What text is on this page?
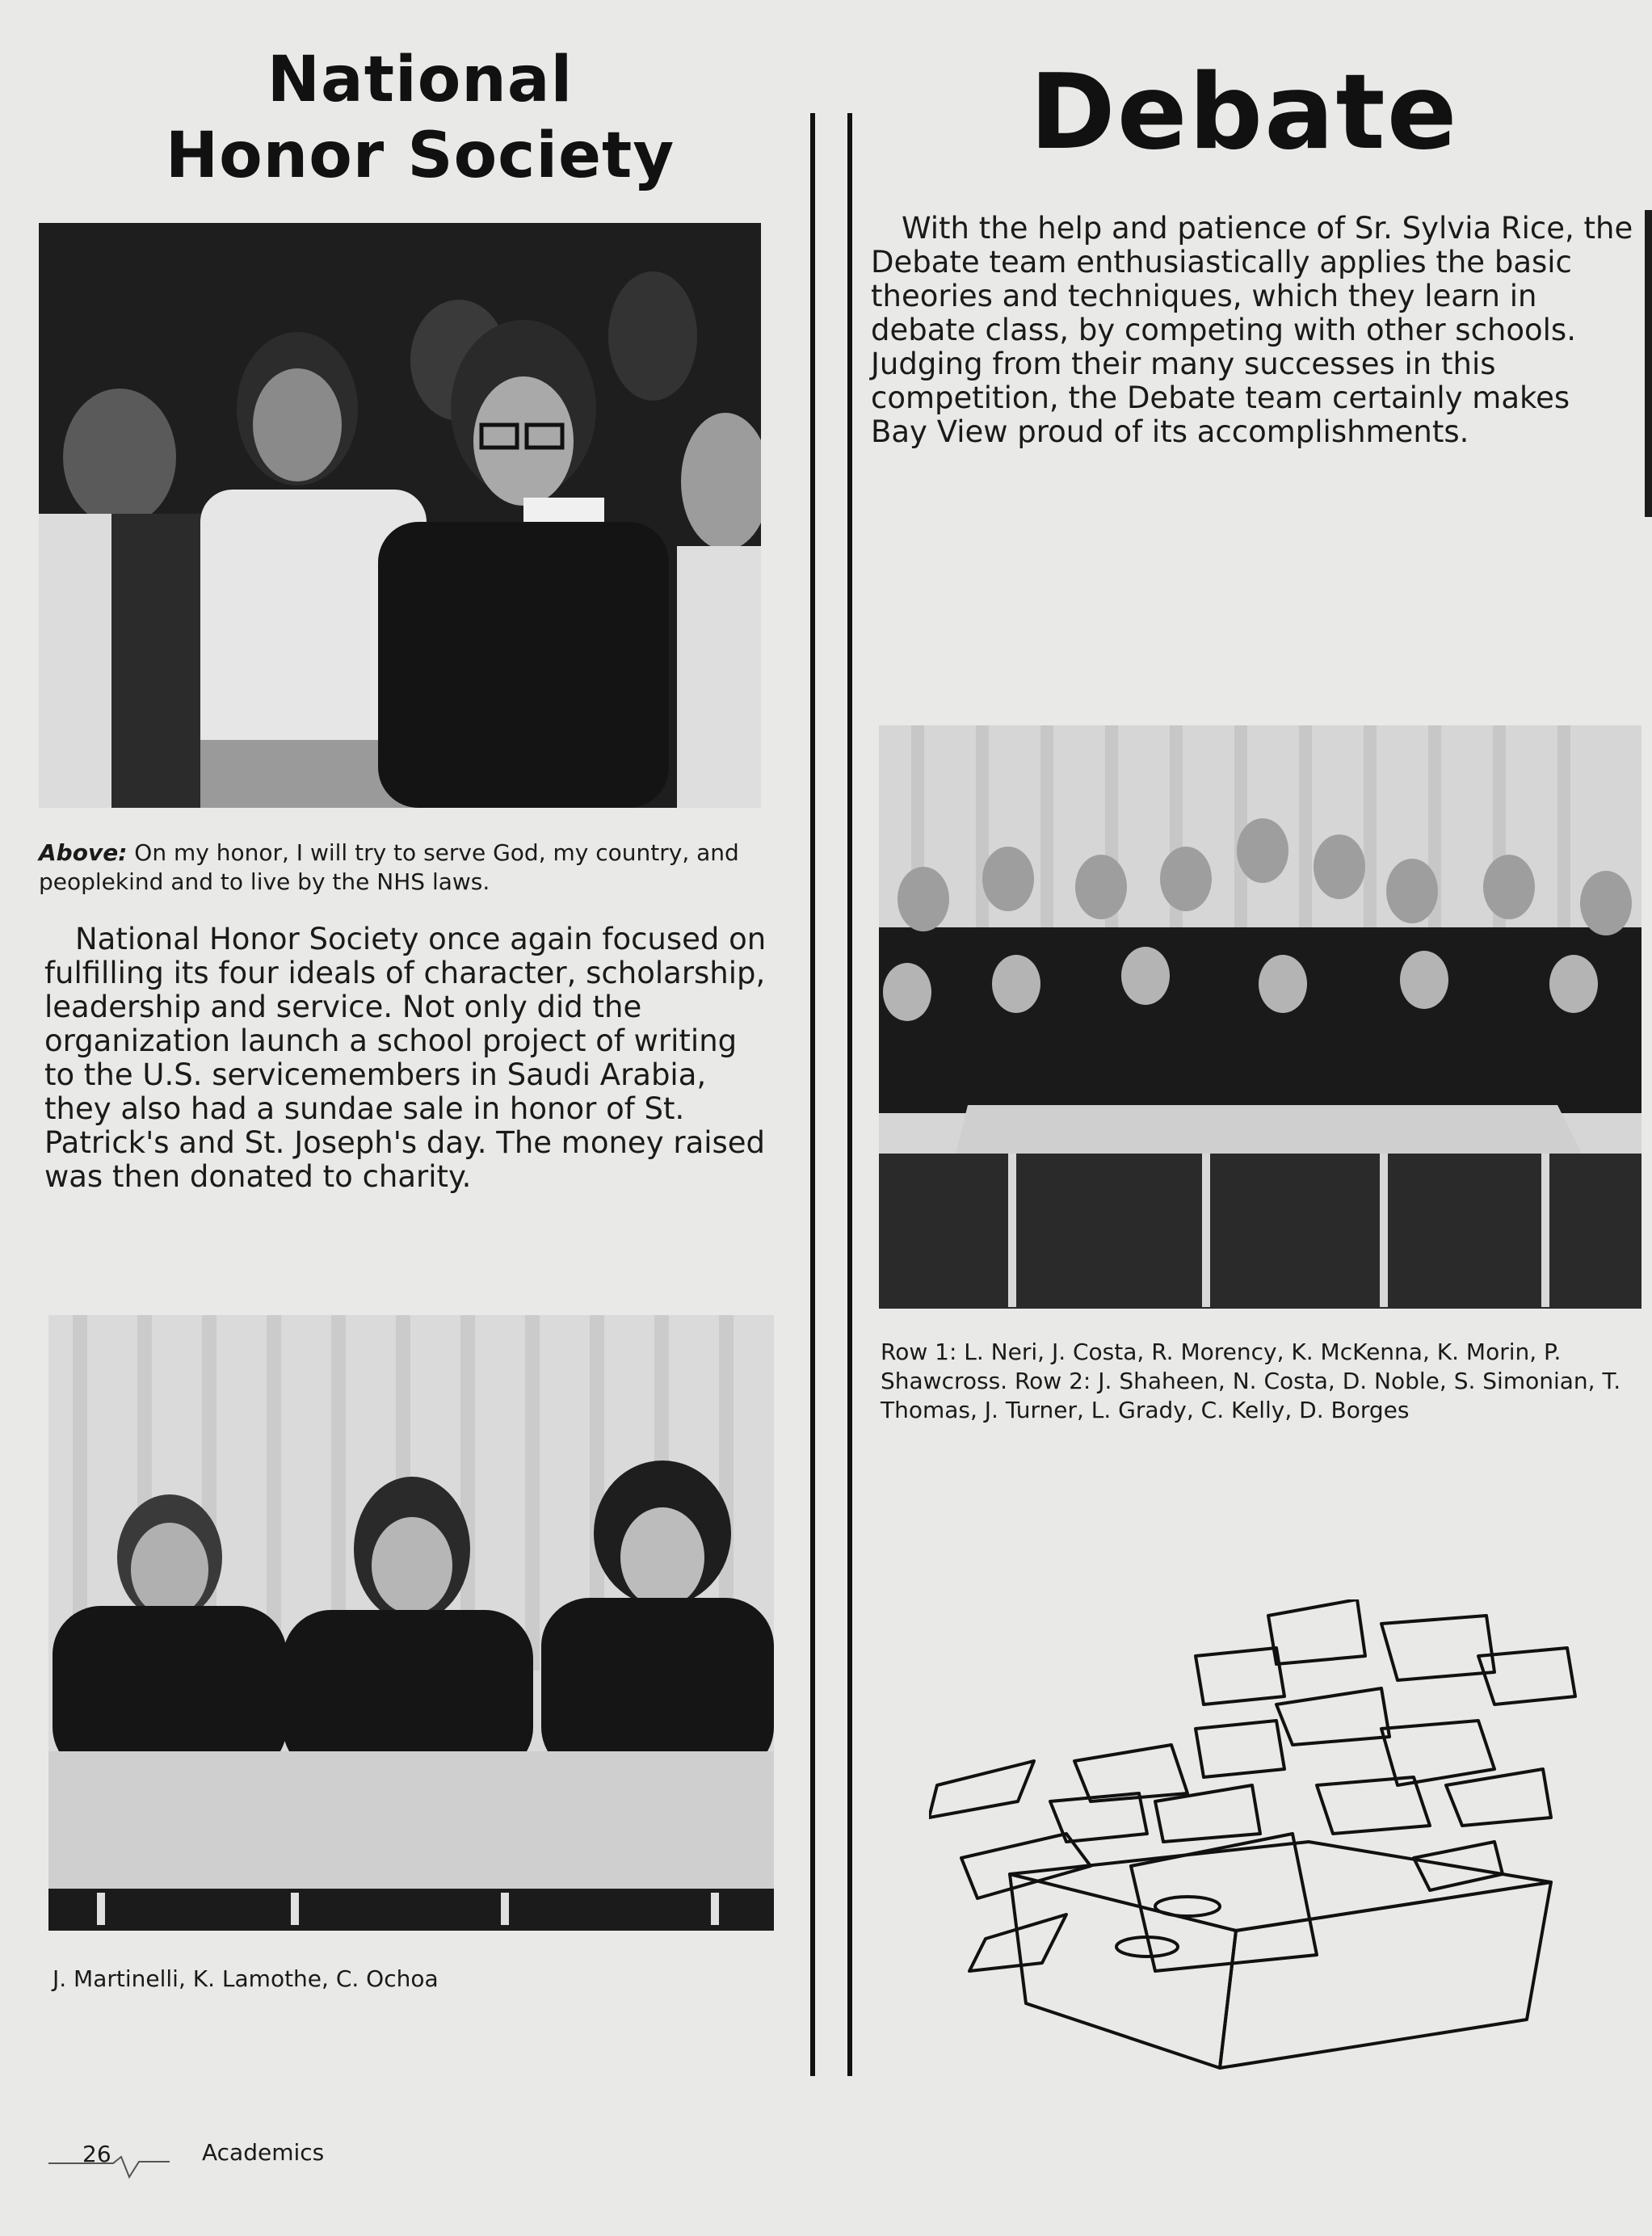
National
Honor Society	Debate

Above: On my honor, I will try to serve God, my country, and peoplekind and to live by the NHS laws.

National Honor Society once again focused on fulfilling its four ideals of character, scholarship, leadership and service. Not only did the organization launch a school project of writing to the U.S. servicemembers in Saudi Arabia, they also had a sundae sale in honor of St. Patrick's and St. Joseph's day. The money raised was then donated to charity.

J. Martinelli, K. Lamothe, C. Ochoa

With the help and patience of Sr. Sylvia Rice, the Debate team enthusiastically applies the basic theories and techniques, which they learn in debate class, by competing with other schools. Judging from their many successes in this competition, the Debate team certainly makes Bay View proud of its accomplishments.

Row 1: L. Neri, J. Costa, R. Morency, K. McKenna, K. Morin, P. Shawcross. Row 2: J. Shaheen, N. Costa, D. Noble, S. Simonian, T. Thomas, J. Turner, L. Grady, C. Kelly, D. Borges

26	Academics
